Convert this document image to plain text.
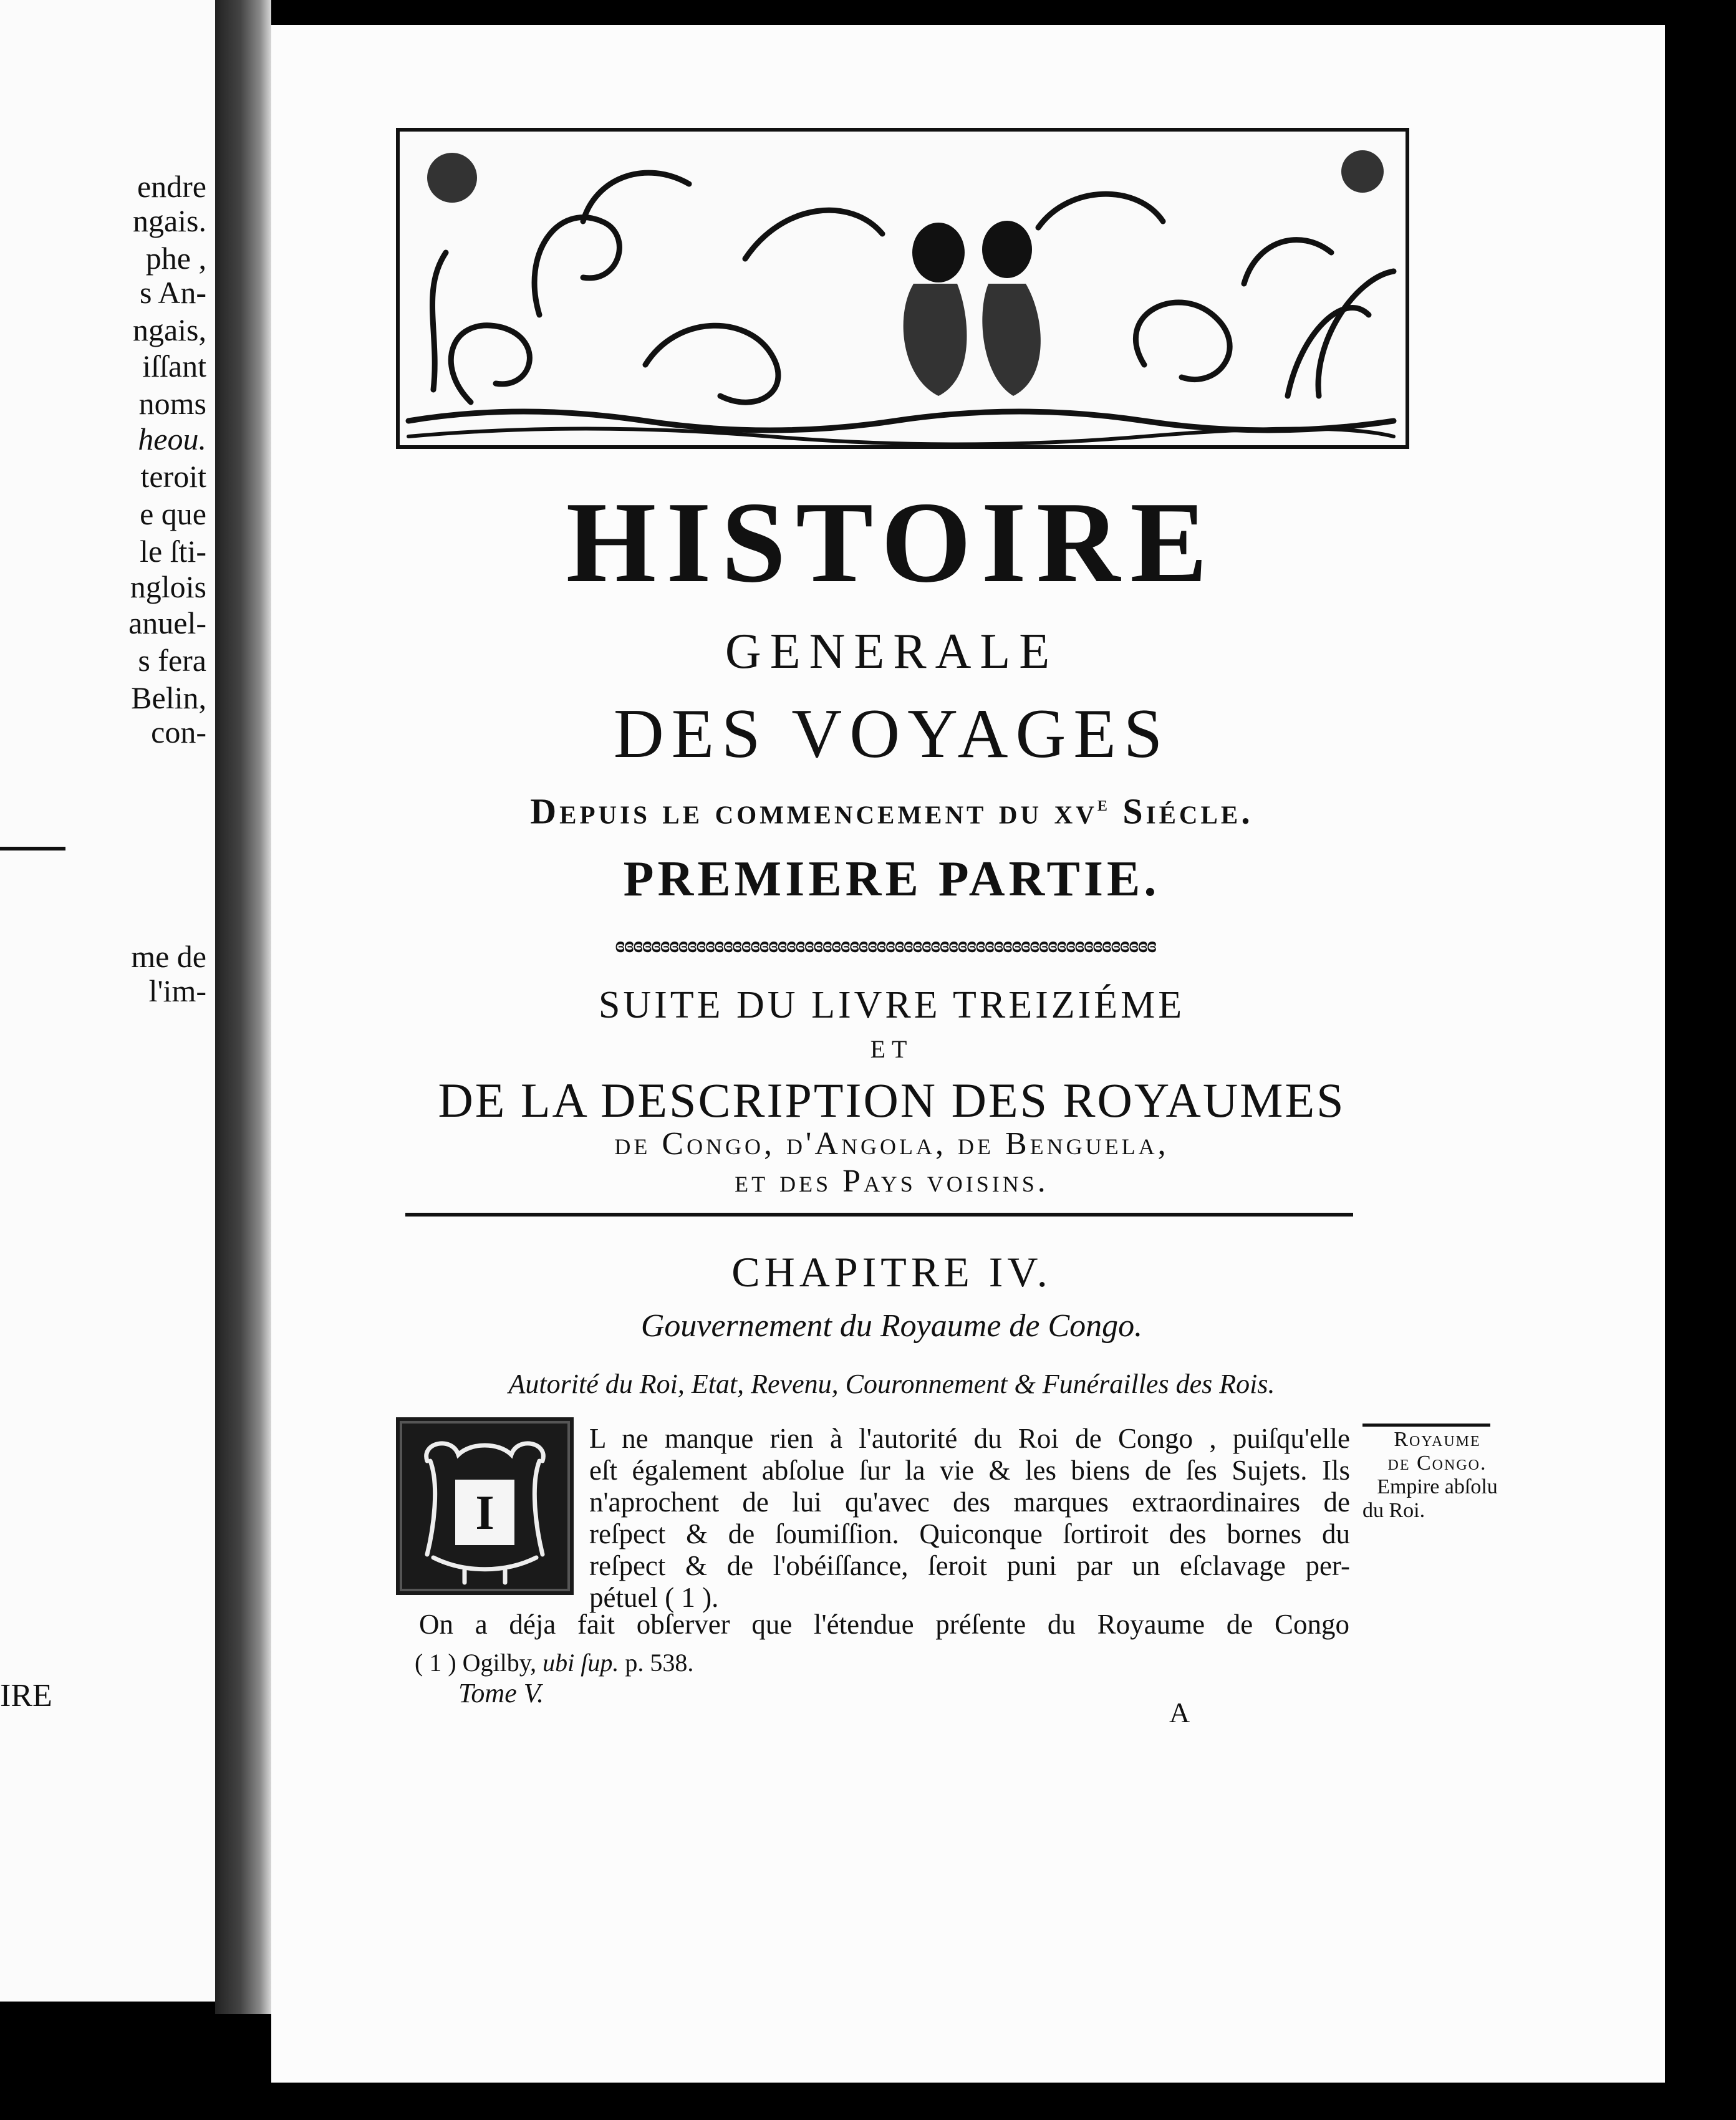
endre
ngais.
phe ,
s An-
ngais,
iſſant
noms
heou.
teroit
e que
le ſti-
nglois
anuel-
s fera
Belin,
con-
me de
l'im-
IRE
HISTOIRE
GENERALE
DES VOYAGES
Depuis le commencement du $xv^e$ Siécle.
PREMIERE PARTIE.
ɞɞɞɞɞɞɞɞɞɞɞɞɞɞɞɞɞɞɞɞɞɞɞɞɞɞɞɞɞɞɞɞɞɞɞɞɞɞɞɞɞɞɞɞɞɞɞɞɞɞɞɞɞɞɞɞɞɞɞɞ
SUITE DU LIVRE TREIZIÉME
ET
DE LA DESCRIPTION DES ROYAUMES
de Congo, d'Angola, de Benguela,
et des Pays voisins.
CHAPITRE IV.
Gouvernement du Royaume de Congo.
Autorité du Roi, Etat, Revenu, Couronnement & Funérailles des Rois.
I
L ne manque rien à l'autorité du Roi de Congo , puiſqu'elle
eſt également abſolue ſur la vie & les biens de ſes Sujets. Ils
n'aprochent de lui qu'avec des marques extraordinaires de
reſpect & de ſoumiſſion. Quiconque ſortiroit des bornes du
reſpect & de l'obéiſſance, ſeroit puni par un eſclavage per-
pétuel ( 1 ).
On a déja fait obſerver que l'étendue préſente du Royaume de Congo
Royaume
de Congo.
Empire abſolu
du Roi.
( 1 ) Ogilby, ubi ſup. p. 538.
Tome V.
A
